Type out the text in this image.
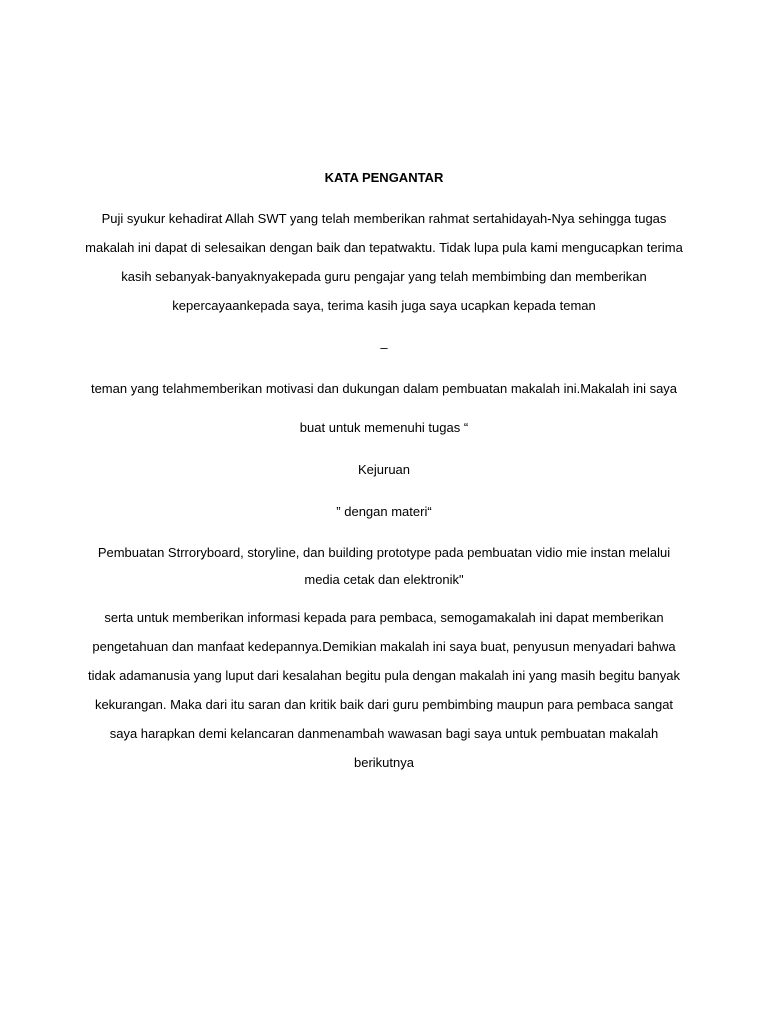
KATA PENGANTAR

Puji syukur kehadirat Allah SWT yang telah memberikan rahmat sertahidayah-Nya sehingga tugas makalah ini dapat di selesaikan dengan baik dan tepatwaktu. Tidak lupa pula kami mengucapkan terima kasih sebanyak-banyaknyakepada guru pengajar yang telah membimbing dan memberikan kepercayaankepada saya, terima kasih juga saya ucapkan kepada teman

–

teman yang telahmemberikan motivasi dan dukungan dalam pembuatan makalah ini.Makalah ini saya

buat untuk memenuhi tugas “

Kejuruan

” dengan materi“

Pembuatan Strroryboard, storyline, dan building prototype pada pembuatan vidio mie instan melalui media cetak dan elektronik"

serta untuk memberikan informasi kepada para pembaca, semogamakalah ini dapat memberikan pengetahuan dan manfaat kedepannya.Demikian makalah ini saya buat, penyusun menyadari bahwa tidak adamanusia yang luput dari kesalahan begitu pula dengan makalah ini yang masih begitu banyak kekurangan. Maka dari itu saran dan kritik baik dari guru pembimbing maupun para pembaca sangat saya harapkan demi kelancaran danmenambah wawasan bagi saya untuk pembuatan makalah berikutnya
